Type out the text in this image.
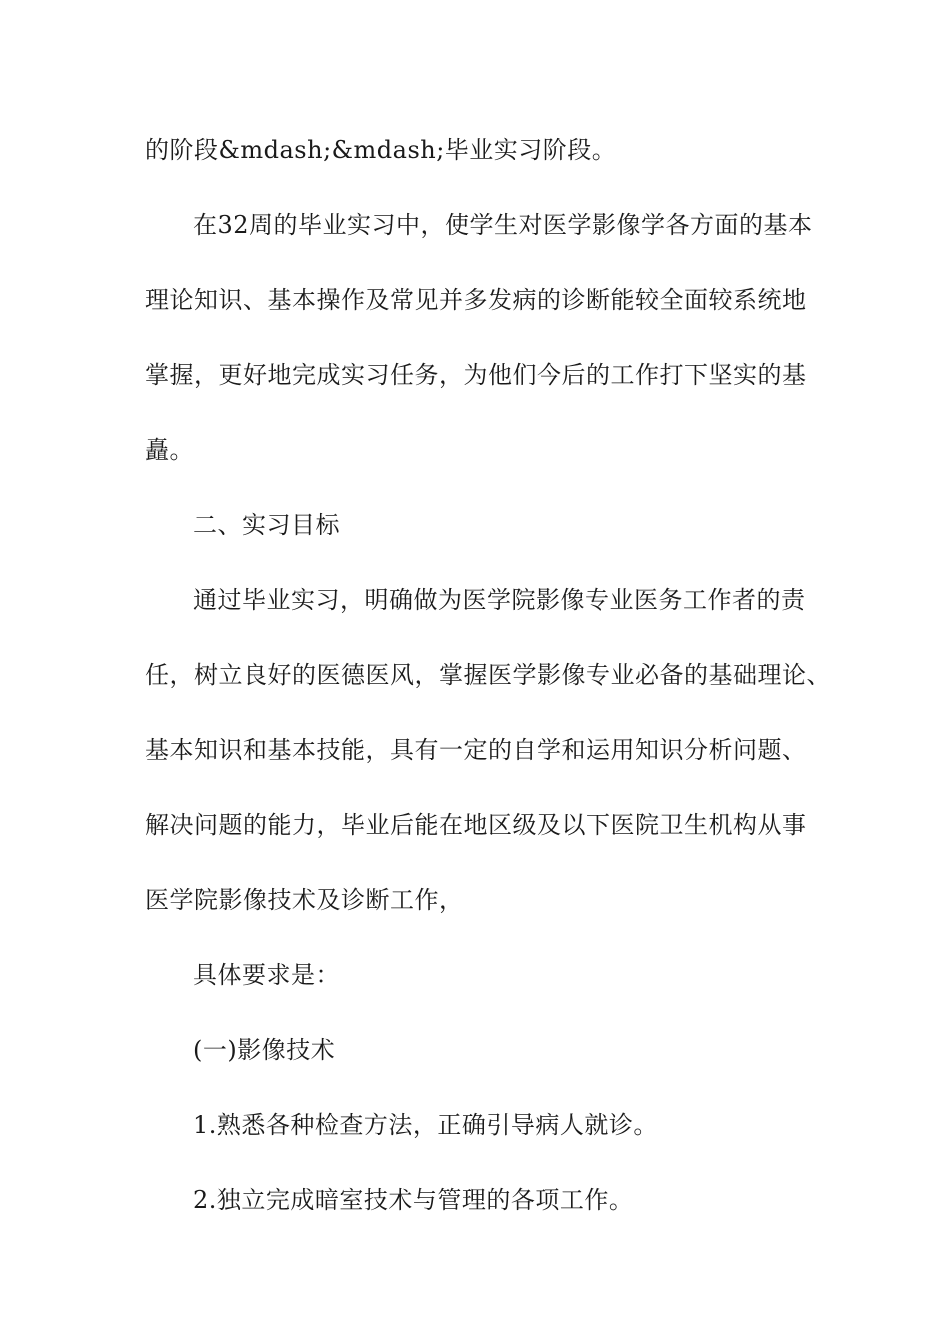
的阶段&mdash;&mdash;毕业实习阶段。
在32周的毕业实习中，使学生对医学影像学各方面的基本
理论知识、基本操作及常见并多发病的诊断能较全面较系统地
掌握，更好地完成实习任务，为他们今后的工作打下坚实的基
矗。
二、实习目标
通过毕业实习，明确做为医学院影像专业医务工作者的责
任，树立良好的医德医风，掌握医学影像专业必备的基础理论、
基本知识和基本技能，具有一定的自学和运用知识分析问题、
解决问题的能力，毕业后能在地区级及以下医院卫生机构从事
医学院影像技术及诊断工作，
具体要求是：
(一)影像技术
1.熟悉各种检查方法，正确引导病人就诊。
2.独立完成暗室技术与管理的各项工作。
